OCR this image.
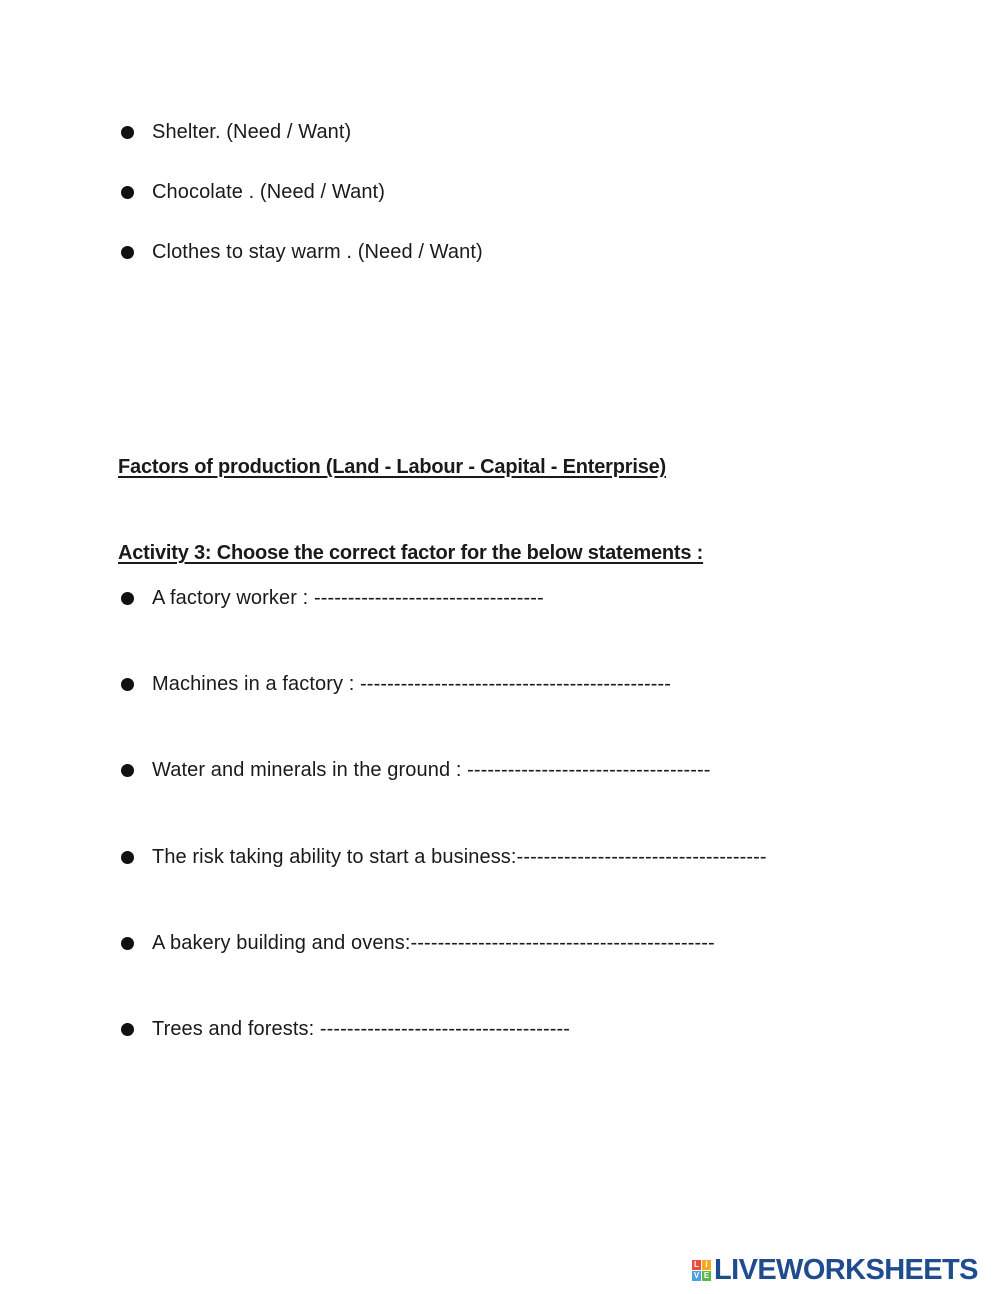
Shelter. (Need / Want)
Chocolate . (Need / Want)
Clothes to stay warm . (Need / Want)
Factors of production (Land - Labour - Capital - Enterprise)
Activity 3: Choose the correct factor for the below statements :
A factory worker : ----------------------------------
Machines in a factory : ----------------------------------------------
Water and minerals in the ground : ------------------------------------
The risk taking ability to start a business:-------------------------------------
A bakery building and ovens:---------------------------------------------
Trees and forests: -------------------------------------
L I
V E LIVEWORKSHEETS
